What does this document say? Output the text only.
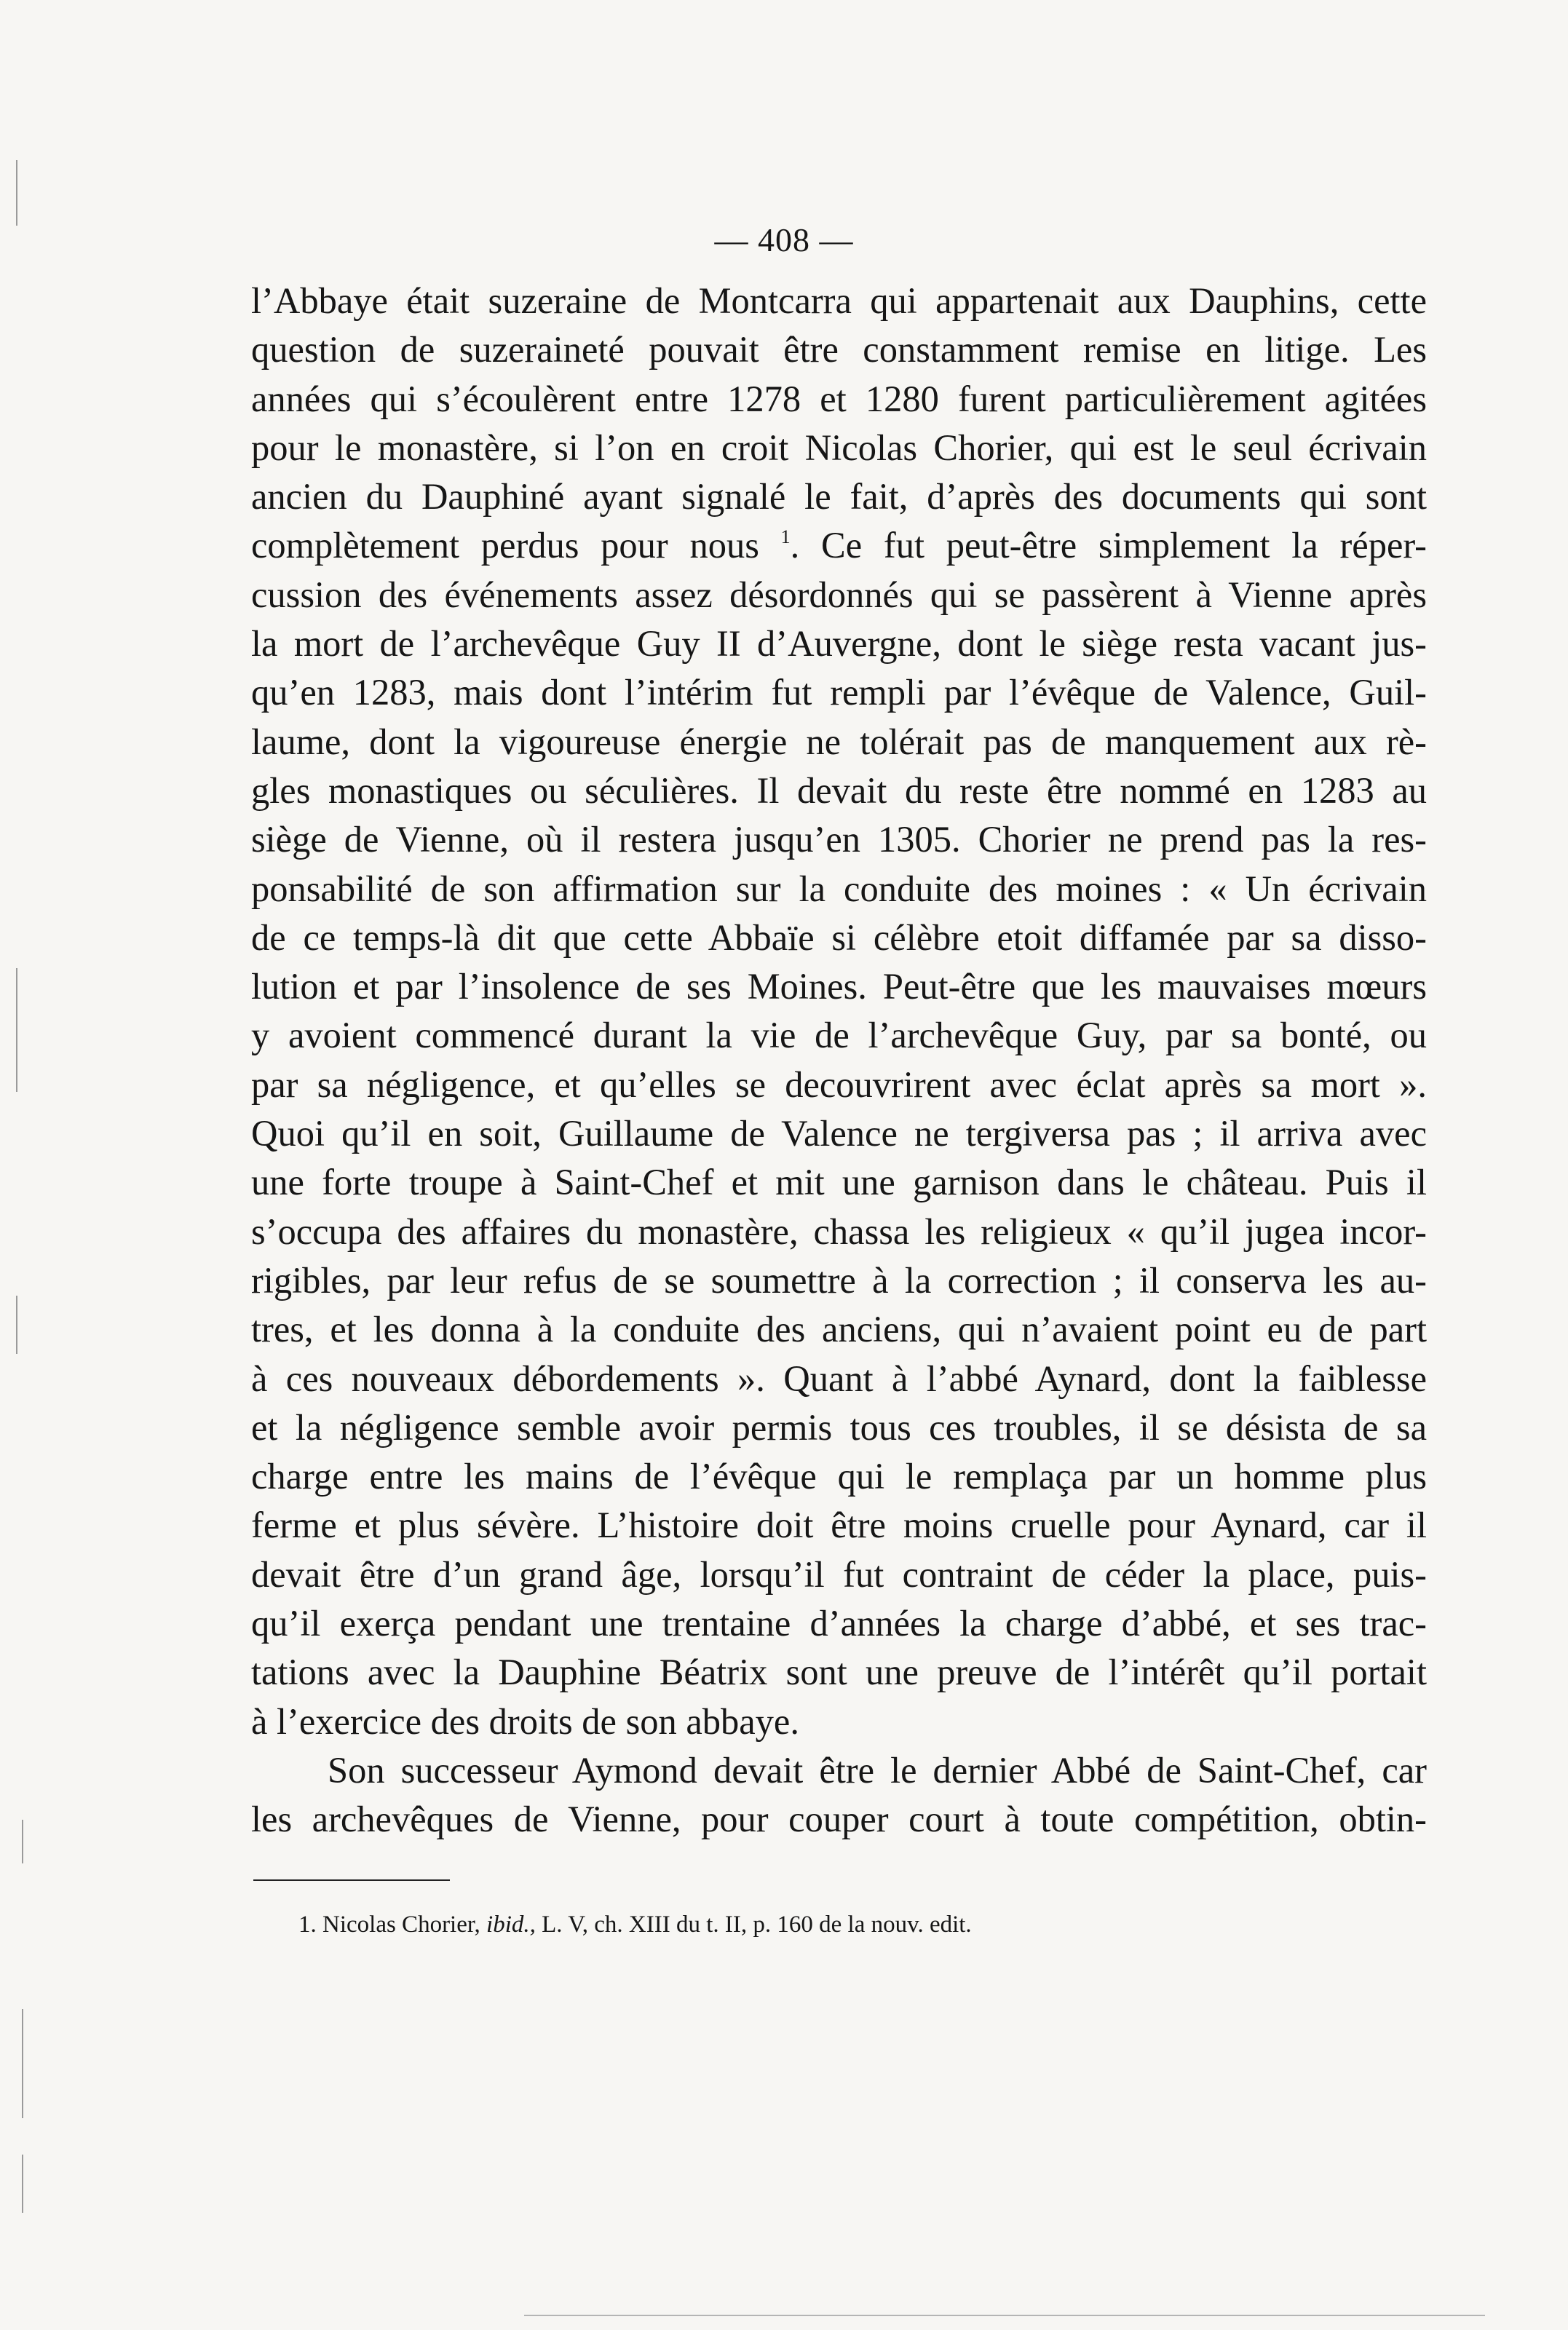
— 408 —
l’Abbaye était suzeraine de Montcarra qui appartenait aux Dauphins, cette
question de suzeraineté pouvait être constamment remise en litige. Les
années qui s’écoulèrent entre 1278 et 1280 furent particulièrement agitées
pour le monastère, si l’on en croit Nicolas Chorier, qui est le seul écrivain
ancien du Dauphiné ayant signalé le fait, d’après des documents qui sont
complètement perdus pour nous $^1$. Ce fut peut-être simplement la réper-
cussion des événements assez désordonnés qui se passèrent à Vienne après
la mort de l’archevêque Guy II d’Auvergne, dont le siège resta vacant jus-
qu’en 1283, mais dont l’intérim fut rempli par l’évêque de Valence, Guil-
laume, dont la vigoureuse énergie ne tolérait pas de manquement aux rè-
gles monastiques ou séculières. Il devait du reste être nommé en 1283 au
siège de Vienne, où il restera jusqu’en 1305. Chorier ne prend pas la res-
ponsabilité de son affirmation sur la conduite des moines : « Un écrivain
de ce temps-là dit que cette Abbaïe si célèbre etoit diffamée par sa disso-
lution et par l’insolence de ses Moines. Peut-être que les mauvaises mœurs
y avoient commencé durant la vie de l’archevêque Guy, par sa bonté, ou
par sa négligence, et qu’elles se decouvrirent avec éclat après sa mort ».
Quoi qu’il en soit, Guillaume de Valence ne tergiversa pas ; il arriva avec
une forte troupe à Saint-Chef et mit une garnison dans le château. Puis il
s’occupa des affaires du monastère, chassa les religieux « qu’il jugea incor-
rigibles, par leur refus de se soumettre à la correction ; il conserva les au-
tres, et les donna à la conduite des anciens, qui n’avaient point eu de part
à ces nouveaux débordements ». Quant à l’abbé Aynard, dont la faiblesse
et la négligence semble avoir permis tous ces troubles, il se désista de sa
charge entre les mains de l’évêque qui le remplaça par un homme plus
ferme et plus sévère. L’histoire doit être moins cruelle pour Aynard, car il
devait être d’un grand âge, lorsqu’il fut contraint de céder la place, puis-
qu’il exerça pendant une trentaine d’années la charge d’abbé, et ses trac-
tations avec la Dauphine Béatrix sont une preuve de l’intérêt qu’il portait
à l’exercice des droits de son abbaye.
Son successeur Aymond devait être le dernier Abbé de Saint-Chef, car
les archevêques de Vienne, pour couper court à toute compétition, obtin-
1. Nicolas Chorier, ibid., L. V, ch. XIII du t. II, p. 160 de la nouv. edit.
